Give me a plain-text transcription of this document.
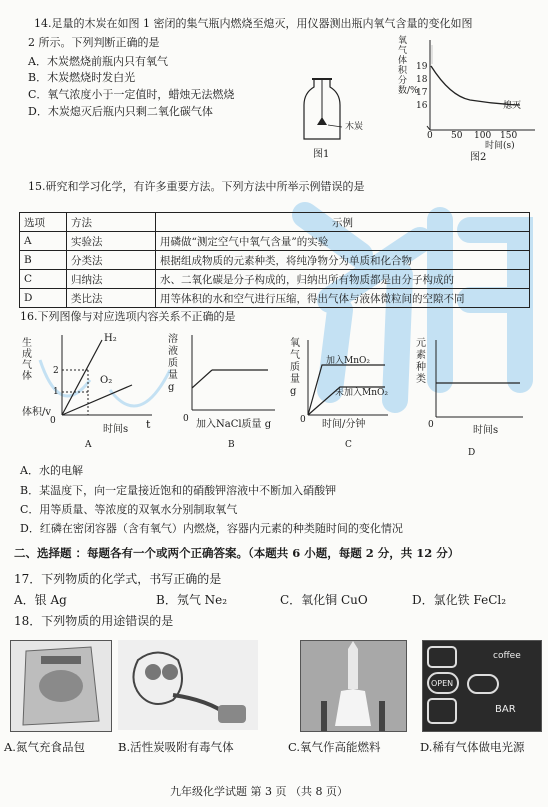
14.足量的木炭在如图 1 密闭的集气瓶内燃烧至熄灭，用仪器测出瓶内氧气含量的变化如图
2 所示。下列判断正确的是
A．木炭燃烧前瓶内只有氧气
B．木炭燃烧时发白光
C．氧气浓度小于一定值时，蜡烛无法燃烧
D．木炭熄灭后瓶内只剩二氧化碳气体
木炭
图1
氧气体积分数/%
19
18
17
16	熄灭
0 50 100 150
时间(s)
图2
15.研究和学习化学，有许多重要方法。下列方法中所举示例错误的是
选项	方法	示例
A	实验法	用磷做“测定空气中氧气含量”的实验
B	分类法	根据组成物质的元素种类，将纯净物分为单质和化合物
C	归纳法	水、二氧化碳是分子构成的，归纳出所有物质都是由分子构成的
D	类比法	用等体积的水和空气进行压缩，得出气体与液体微粒间的空隙不同
16.下列图像与对应选项内容关系不正确的是
生成气体
体积/v
H₂
O₂
2
1
0
时间s t
A
溶液质量g
0 加入NaCl质量 g
B
氧气质量g
加入MnO₂
未加入MnO₂
0 时间/分钟
C
元素种类
0	时间s
D
A．水的电解
B．某温度下，向一定量接近饱和的硝酸钾溶液中不断加入硝酸钾
C．用等质量、等浓度的双氧水分别制取氧气
D．红磷在密闭容器（含有氧气）内燃烧，容器内元素的种类随时间的变化情况
二、选择题 ：每题各有一个或两个正确答案。（本题共 6 小题，每题 2 分，共 12 分）
17．下列物质的化学式，书写正确的是
A．银 Ag	B．氖气 Ne₂	C．氧化铜 CuO	D．氯化铁 FeCl₂
18．下列物质的用途错误的是
coffee
OPEN
BAR
A.氮气充食品包	B.活性炭吸附有毒气体	C.氧气作高能燃料	D.稀有气体做电光源
九年级化学试题 第 3 页 （共 8 页）
